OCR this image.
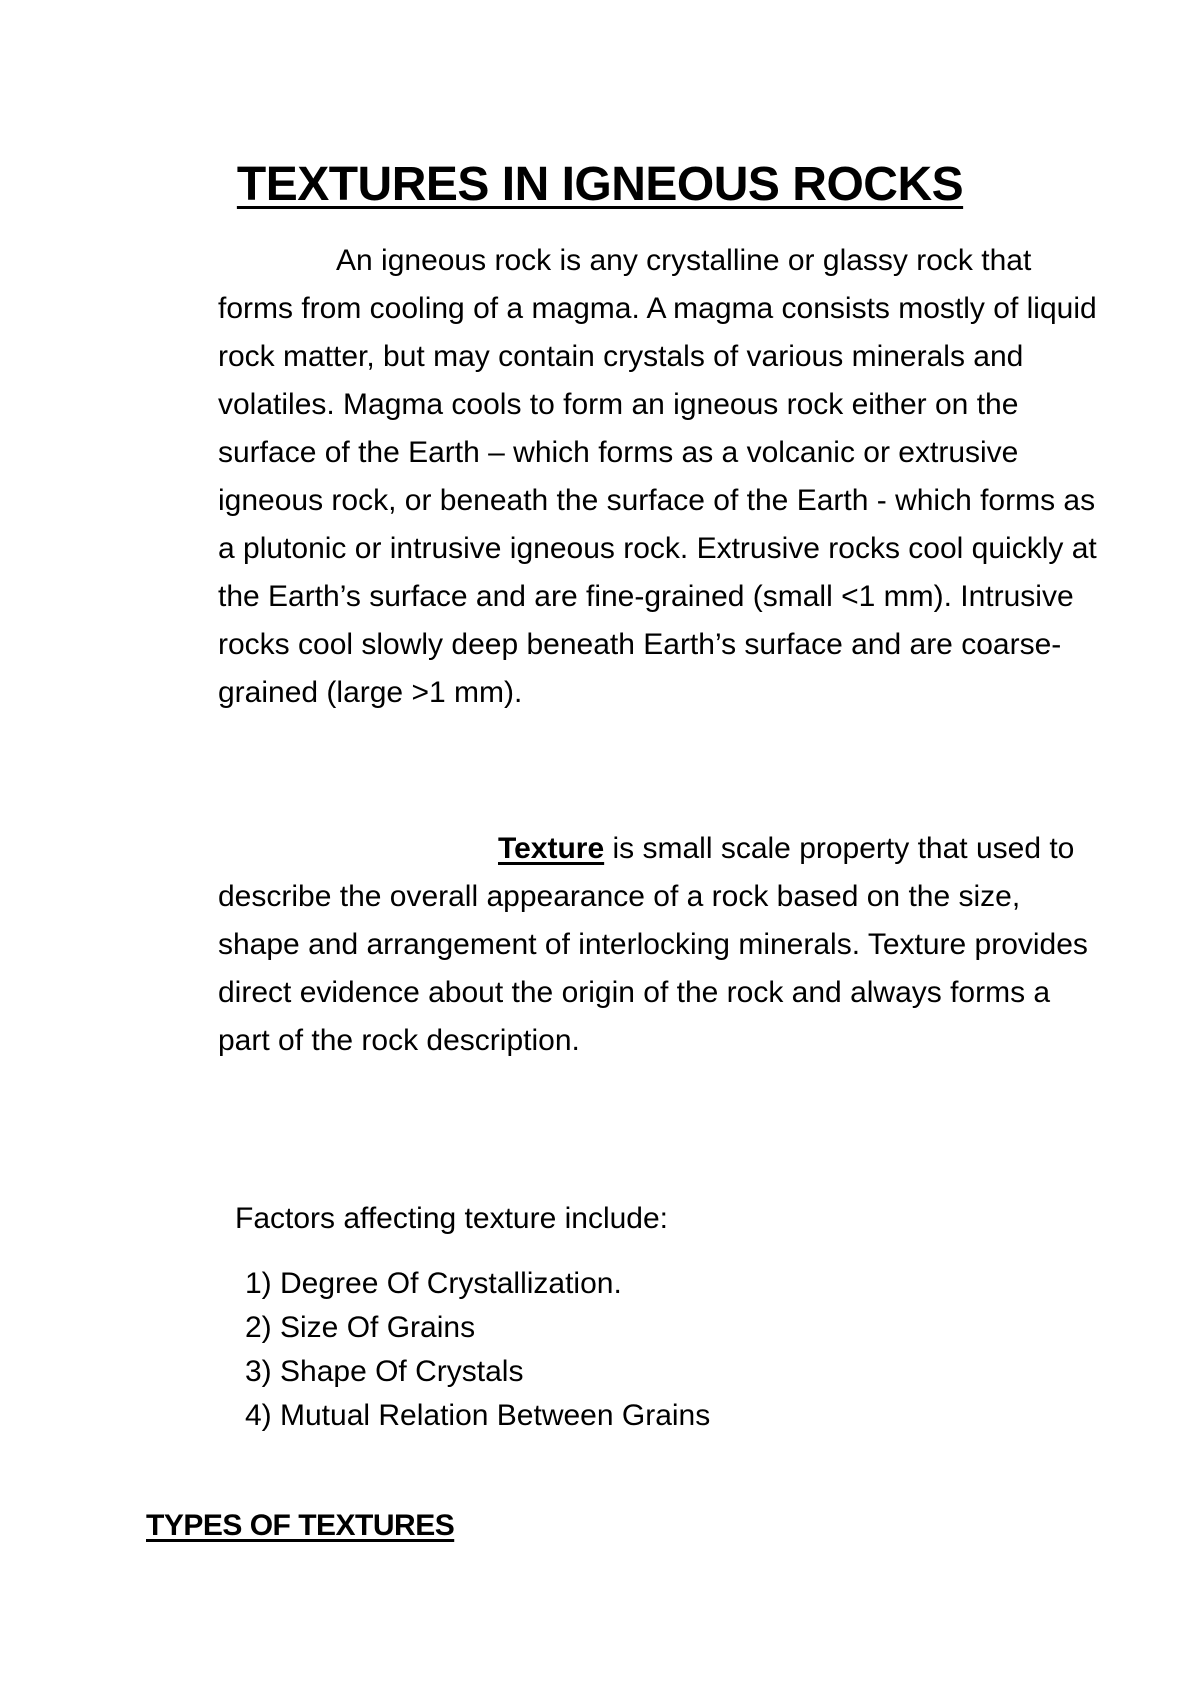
TEXTURES IN IGNEOUS ROCKS

An igneous rock is any crystalline or glassy rock that forms from cooling of a magma. A magma consists mostly of liquid rock matter, but may contain crystals of various minerals and volatiles. Magma cools to form an igneous rock either on the surface of the Earth – which forms as a volcanic or extrusive igneous rock, or beneath the surface of the Earth - which forms as a plutonic or intrusive igneous rock. Extrusive rocks cool quickly at the Earth’s surface and are fine-grained (small <1 mm). Intrusive rocks cool slowly deep beneath Earth’s surface and are coarse-grained (large >1 mm).

Texture is small scale property that used to describe the overall appearance of a rock based on the size, shape and arrangement of interlocking minerals. Texture provides direct evidence about the origin of the rock and always forms a part of the rock description.

Factors affecting texture include:
1) Degree Of Crystallization.
2) Size Of Grains
3) Shape Of Crystals
4) Mutual Relation Between Grains
TYPES OF TEXTURES
